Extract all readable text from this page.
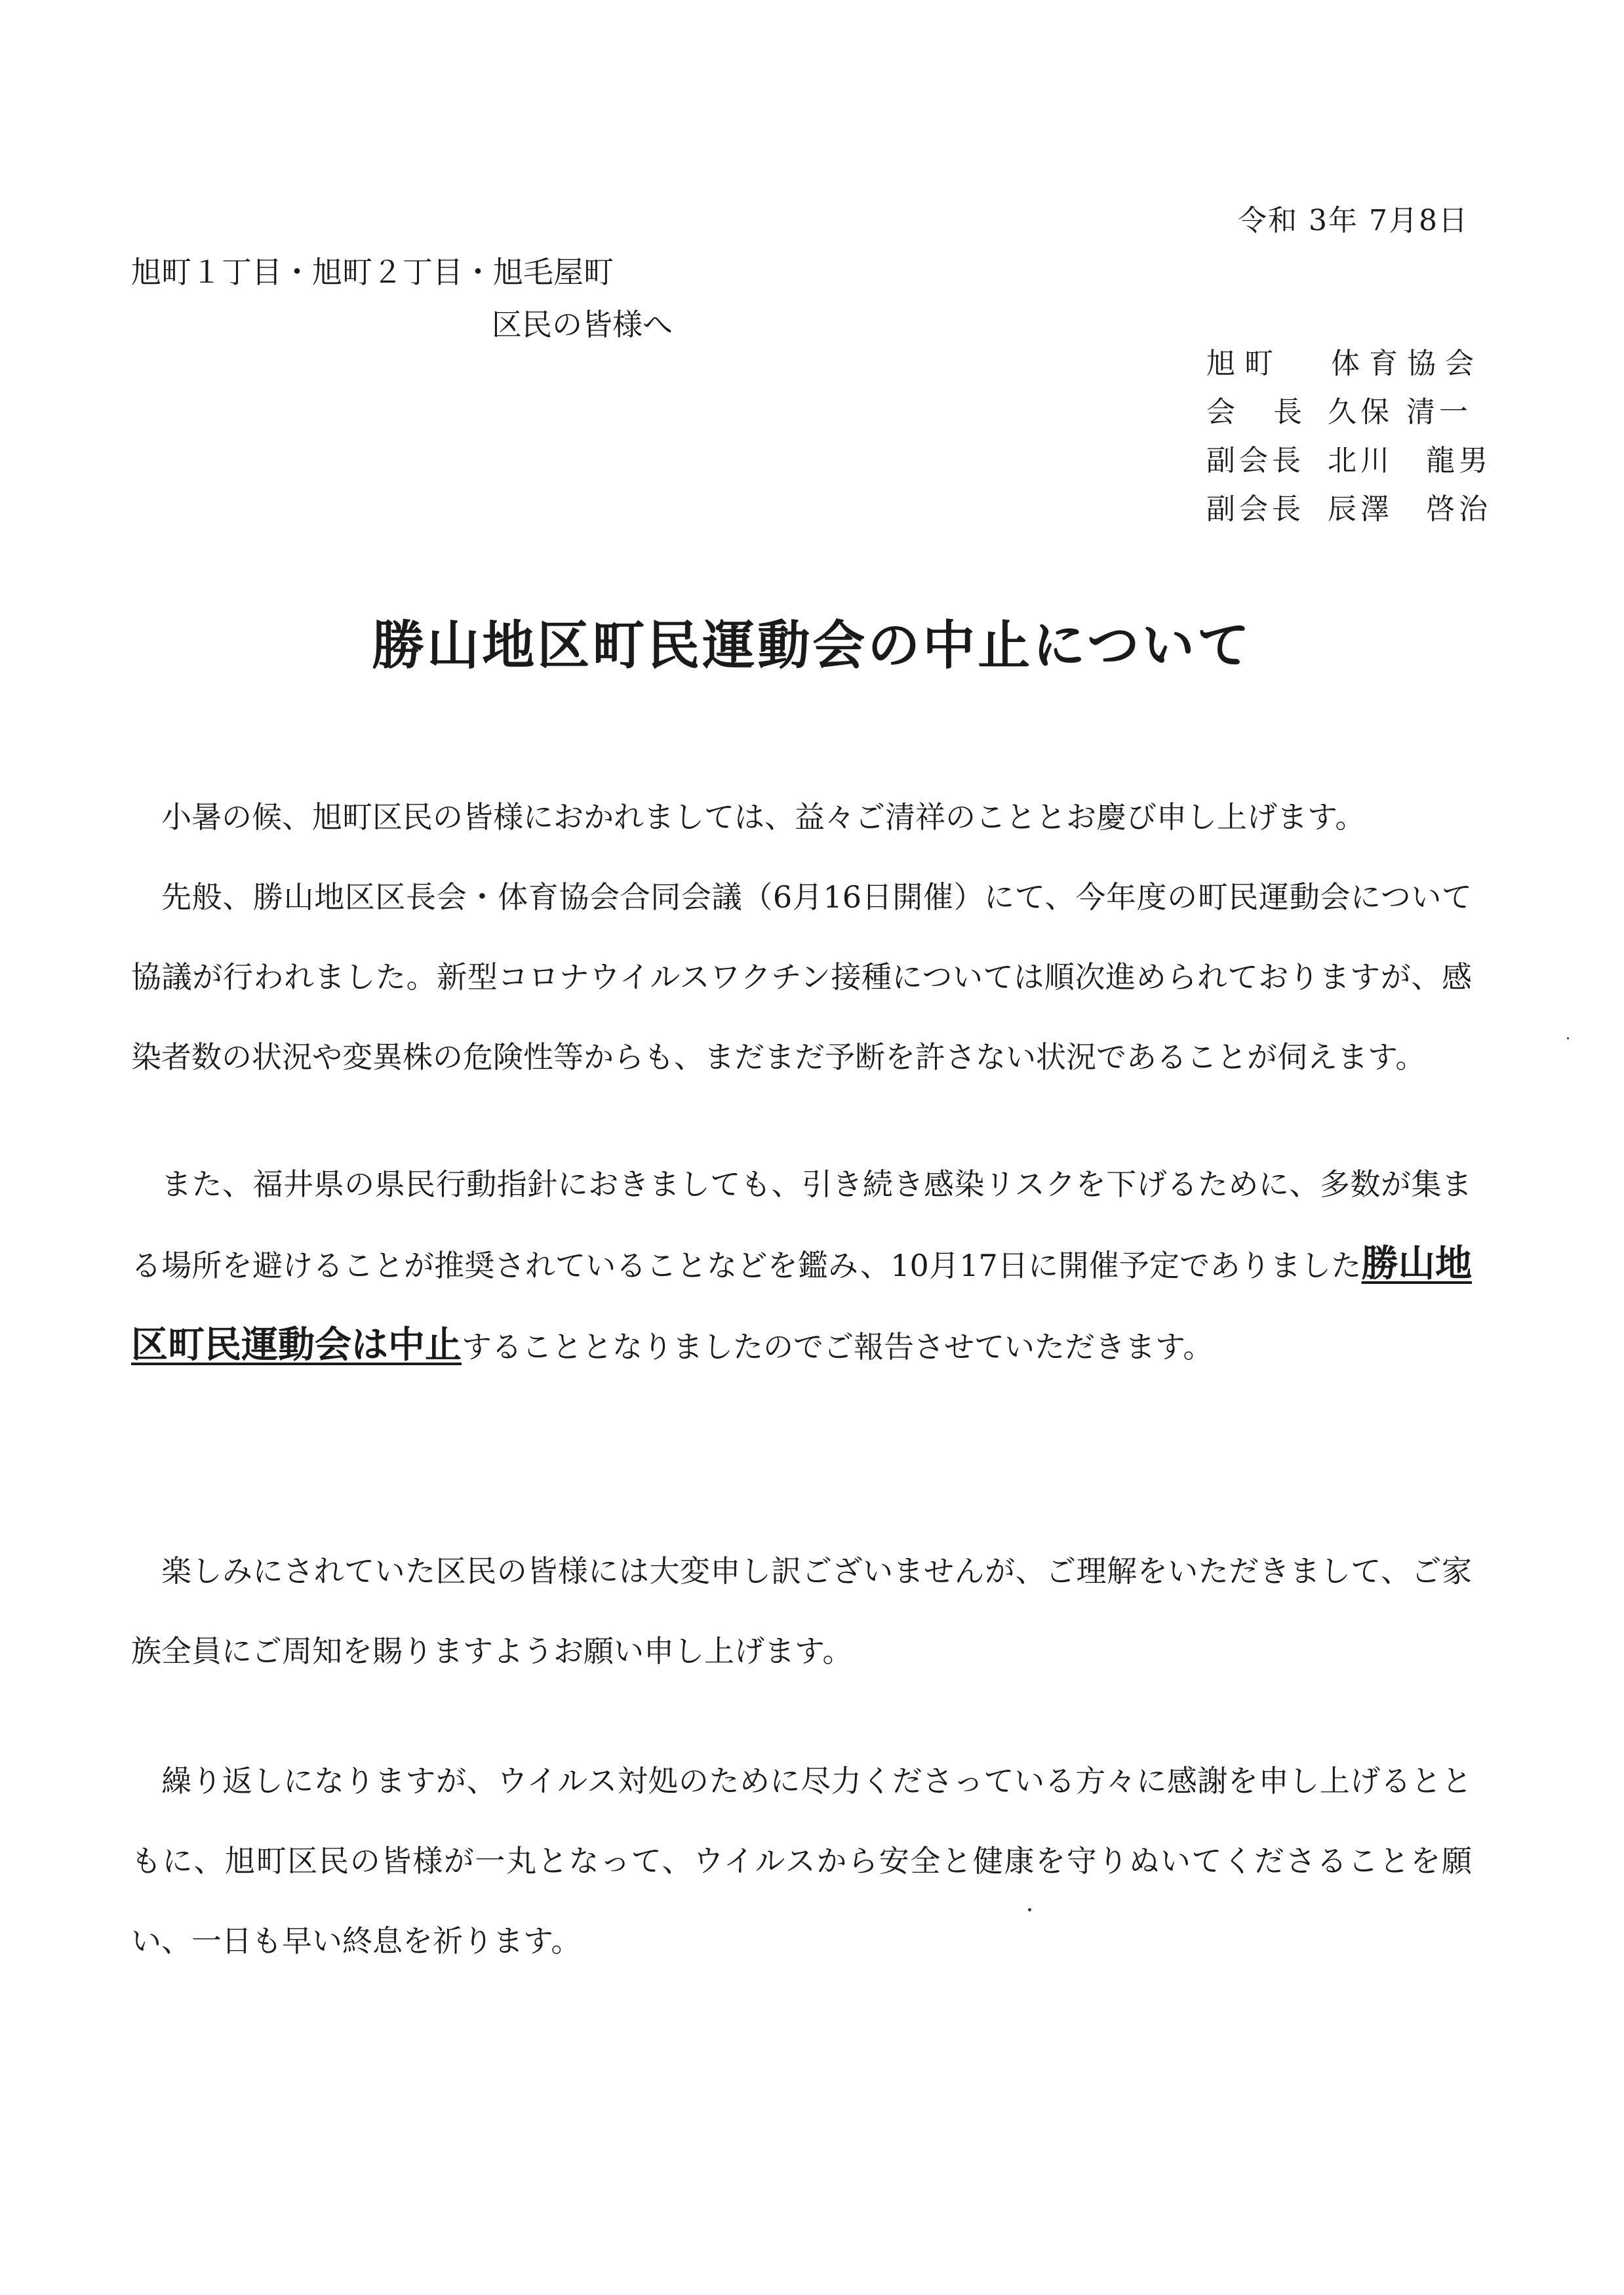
令和 3年 7月8日
旭町１丁目・旭町２丁目・旭毛屋町
区民の皆様へ
旭町 体育協会
会 長 久保 清一
副会長 北川　龍男
副会長 辰澤　啓治
勝山地区町民運動会の中止について

小暑の候、旭町区民の皆様におかれましては、益々ご清祥のこととお慶び申し上げます。

先般、勝山地区区長会・体育協会合同会議（6月16日開催）にて、今年度の町民運動会について協議が行われました。新型コロナウイルスワクチン接種については順次進められておりますが、感染者数の状況や変異株の危険性等からも、まだまだ予断を許さない状況であることが伺えます。

また、福井県の県民行動指針におきましても、引き続き感染リスクを下げるために、多数が集まる場所を避けることが推奨されていることなどを鑑み、10月17日に開催予定でありました勝山地区町民運動会は中止することとなりましたのでご報告させていただきます。

楽しみにされていた区民の皆様には大変申し訳ございませんが、ご理解をいただきまして、ご家族全員にご周知を賜りますようお願い申し上げます。

繰り返しになりますが、ウイルス対処のために尽力くださっている方々に感謝を申し上げるとともに、旭町区民の皆様が一丸となって、ウイルスから安全と健康を守りぬいてくださることを願い、一日も早い終息を祈ります。
